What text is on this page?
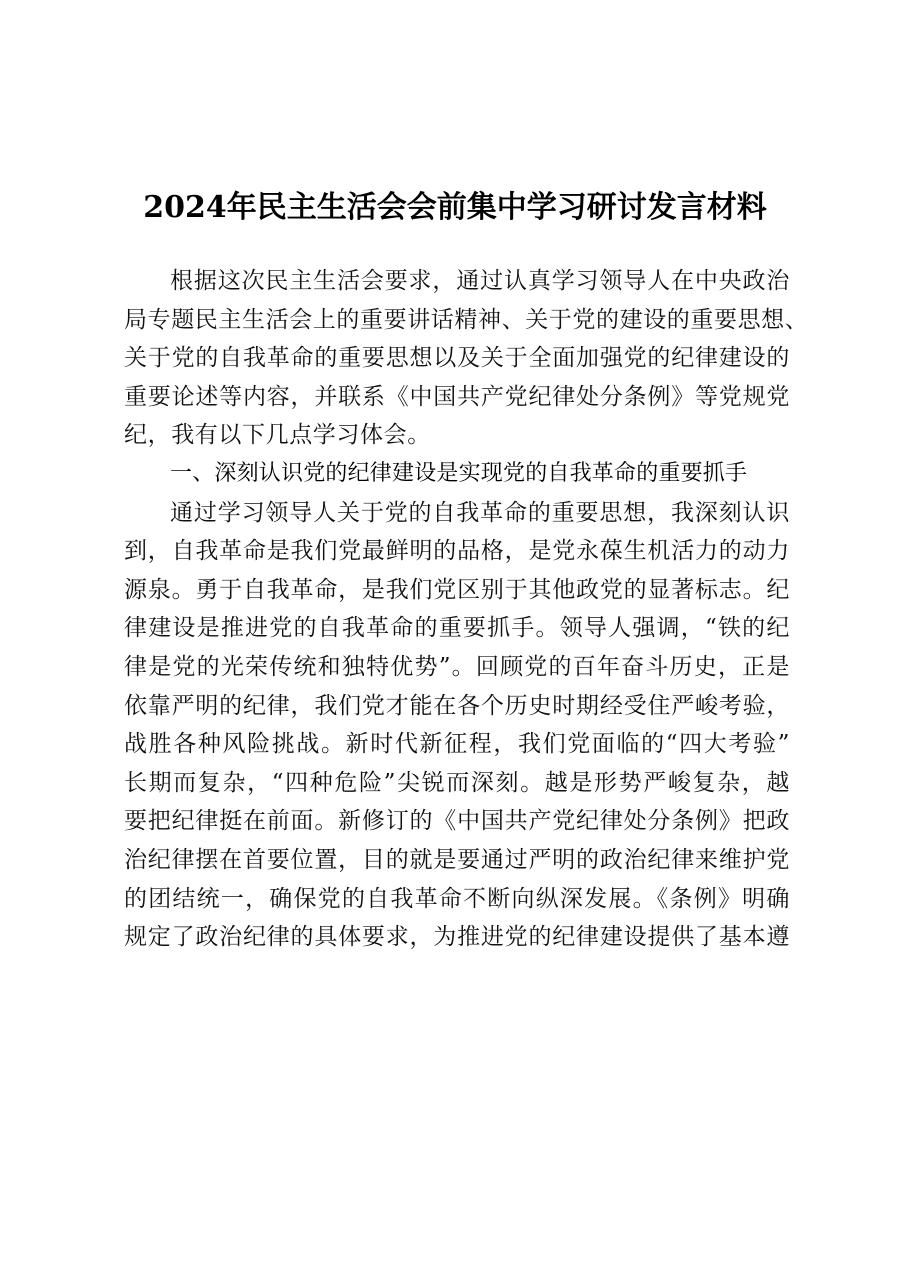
2024年民主生活会会前集中学习研讨发言材料
根据这次民主生活会要求，通过认真学习领导人在中央政治
局专题民主生活会上的重要讲话精神、关于党的建设的重要思想、
关于党的自我革命的重要思想以及关于全面加强党的纪律建设的
重要论述等内容，并联系《中国共产党纪律处分条例》等党规党
纪，我有以下几点学习体会。
一、深刻认识党的纪律建设是实现党的自我革命的重要抓手
通过学习领导人关于党的自我革命的重要思想，我深刻认识
到，自我革命是我们党最鲜明的品格，是党永葆生机活力的动力
源泉。勇于自我革命，是我们党区别于其他政党的显著标志。纪
律建设是推进党的自我革命的重要抓手。领导人强调，“铁的纪
律是党的光荣传统和独特优势”。回顾党的百年奋斗历史，正是
依靠严明的纪律，我们党才能在各个历史时期经受住严峻考验，
战胜各种风险挑战。新时代新征程，我们党面临的“四大考验”
长期而复杂，“四种危险”尖锐而深刻。越是形势严峻复杂，越
要把纪律挺在前面。新修订的《中国共产党纪律处分条例》把政
治纪律摆在首要位置，目的就是要通过严明的政治纪律来维护党
的团结统一，确保党的自我革命不断向纵深发展。《条例》明确
规定了政治纪律的具体要求，为推进党的纪律建设提供了基本遵
